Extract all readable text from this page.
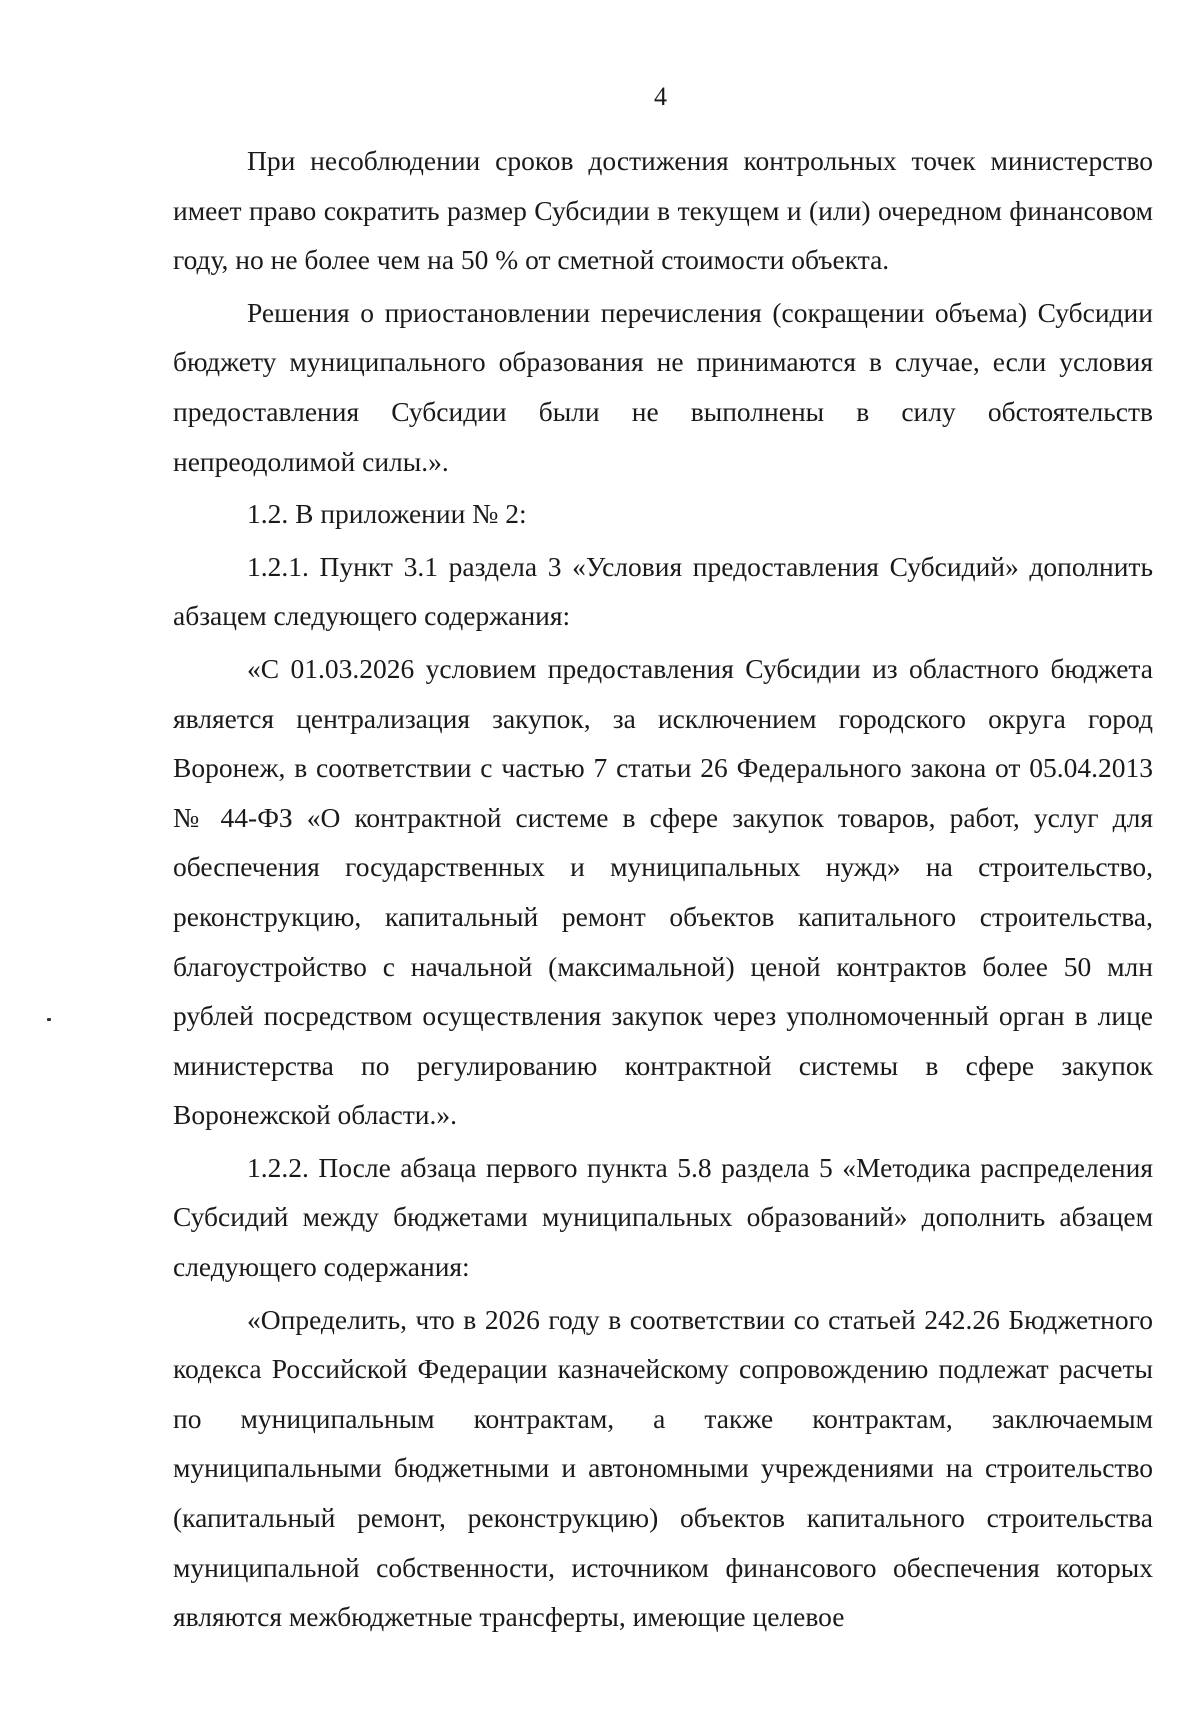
4

При несоблюдении сроков достижения контрольных точек министерство имеет право сократить размер Субсидии в текущем и (или) очередном финансовом году, но не более чем на 50 % от сметной стоимости объекта.

Решения о приостановлении перечисления (сокращении объема) Субсидии бюджету муниципального образования не принимаются в случае, если условия предоставления Субсидии были не выполнены в силу обстоятельств непреодолимой силы.».

1.2. В приложении № 2:

1.2.1. Пункт 3.1 раздела 3 «Условия предоставления Субсидий» дополнить абзацем следующего содержания:

«С 01.03.2026 условием предоставления Субсидии из областного бюджета является централизация закупок, за исключением городского округа город Воронеж, в соответствии с частью 7 статьи 26 Федерального закона от 05.04.2013 № 44-ФЗ «О контрактной системе в сфере закупок товаров, работ, услуг для обеспечения государственных и муниципальных нужд» на строительство, реконструкцию, капитальный ремонт объектов капитального строительства, благоустройство с начальной (максимальной) ценой контрактов более 50 млн рублей посредством осуществления закупок через уполномоченный орган в лице министерства по регулированию контрактной системы в сфере закупок Воронежской области.».

1.2.2. После абзаца первого пункта 5.8 раздела 5 «Методика распределения Субсидий между бюджетами муниципальных образований» дополнить абзацем следующего содержания:

«Определить, что в 2026 году в соответствии со статьей 242.26 Бюджетного кодекса Российской Федерации казначейскому сопровождению подлежат расчеты по муниципальным контрактам, а также контрактам, заключаемым муниципальными бюджетными и автономными учреждениями на строительство (капитальный ремонт, реконструкцию) объектов капитального строительства муниципальной собственности, источником финансового обеспечения которых являются межбюджетные трансферты, имеющие целевое
